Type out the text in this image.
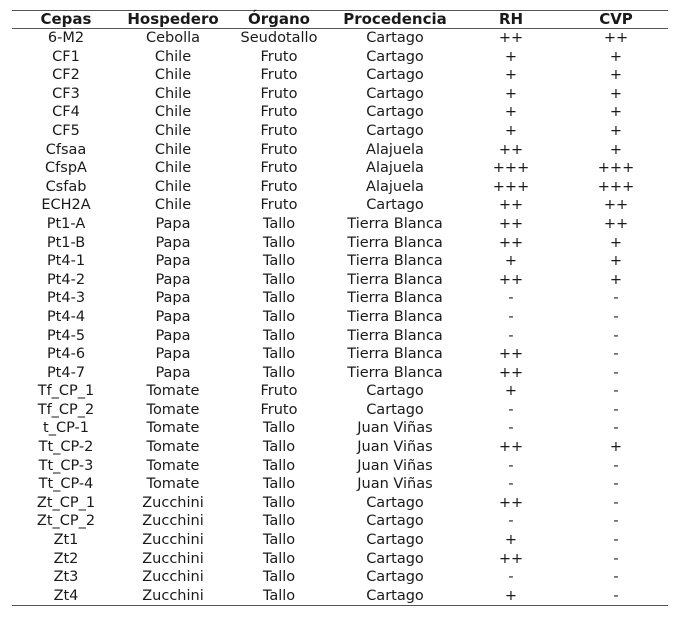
Cepas	Hospedero	Órgano	Procedencia	RH	CVP
6-M2	Cebolla	Seudotallo	Cartago	++	++
CF1	Chile	Fruto	Cartago	+	+
CF2	Chile	Fruto	Cartago	+	+
CF3	Chile	Fruto	Cartago	+	+
CF4	Chile	Fruto	Cartago	+	+
CF5	Chile	Fruto	Cartago	+	+
Cfsaa	Chile	Fruto	Alajuela	++	+
CfspA	Chile	Fruto	Alajuela	+++	+++
Csfab	Chile	Fruto	Alajuela	+++	+++
ECH2A	Chile	Fruto	Cartago	++	++
Pt1-A	Papa	Tallo	Tierra Blanca	++	++
Pt1-B	Papa	Tallo	Tierra Blanca	++	+
Pt4-1	Papa	Tallo	Tierra Blanca	+	+
Pt4-2	Papa	Tallo	Tierra Blanca	++	+
Pt4-3	Papa	Tallo	Tierra Blanca	-	-
Pt4-4	Papa	Tallo	Tierra Blanca	-	-
Pt4-5	Papa	Tallo	Tierra Blanca	-	-
Pt4-6	Papa	Tallo	Tierra Blanca	++	-
Pt4-7	Papa	Tallo	Tierra Blanca	++	-
Tf_CP_1	Tomate	Fruto	Cartago	+	-
Tf_CP_2	Tomate	Fruto	Cartago	-	-
t_CP-1	Tomate	Tallo	Juan Viñas	-	-
Tt_CP-2	Tomate	Tallo	Juan Viñas	++	+
Tt_CP-3	Tomate	Tallo	Juan Viñas	-	-
Tt_CP-4	Tomate	Tallo	Juan Viñas	-	-
Zt_CP_1	Zucchini	Tallo	Cartago	++	-
Zt_CP_2	Zucchini	Tallo	Cartago	-	-
Zt1	Zucchini	Tallo	Cartago	+	-
Zt2	Zucchini	Tallo	Cartago	++	-
Zt3	Zucchini	Tallo	Cartago	-	-
Zt4	Zucchini	Tallo	Cartago	+	-
